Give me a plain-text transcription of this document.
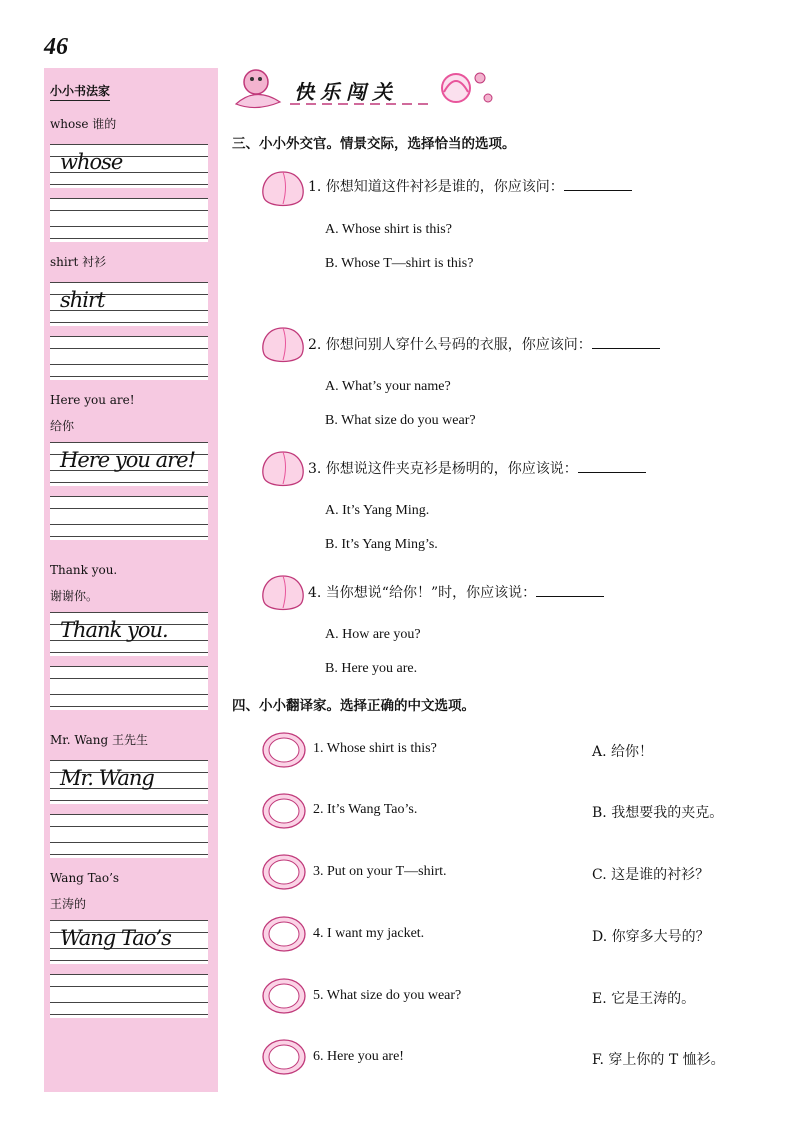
46
小小书法家
whose 谁的
whose
shirt 衬衫
shirt
Here you are!
给你
Here you are!
Thank you.
谢谢你。
Thank you.
Mr. Wang 王先生
Mr. Wang
Wang Tao’s
王涛的
Wang Tao’s
快乐闯关
三、小小外交官。情景交际，选择恰当的选项。
1. 你想知道这件衬衫是谁的，你应该问：
A. Whose shirt is this?
B. Whose T—shirt is this?
2. 你想问别人穿什么号码的衣服，你应该问：
A. What’s your name?
B. What size do you wear?
3. 你想说这件夹克衫是杨明的，你应该说：
A. It’s Yang Ming.
B. It’s Yang Ming’s.
4. 当你想说“给你！”时，你应该说：
A. How are you?
B. Here you are.
四、小小翻译家。选择正确的中文选项。
1. Whose shirt is this?	A. 给你！
2. It’s Wang Tao’s.	B. 我想要我的夹克。
3. Put on your T—shirt.	C. 这是谁的衬衫？
4. I want my jacket.	D. 你穿多大号的？
5. What size do you wear?	E. 它是王涛的。
6. Here you are!	F. 穿上你的 T 恤衫。
